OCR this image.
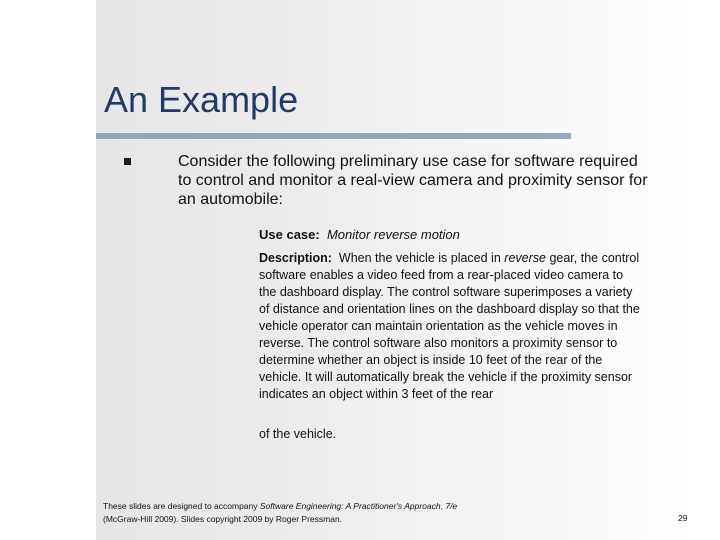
An Example
Consider the following preliminary use case for software required to control and monitor a real-view camera and proximity sensor for an automobile:
Use case: Monitor reverse motion
Description: When the vehicle is placed in reverse gear, the control software enables a video feed from a rear-placed video camera to the dashboard display. The control software superimposes a variety of distance and orientation lines on the dashboard display so that the vehicle operator can maintain orientation as the vehicle moves in reverse. The control software also monitors a proximity sensor to determine whether an object is inside 10 feet of the rear of the vehicle. It will automatically break the vehicle if the proximity sensor indicates an object within 3 feet of the rear
of the vehicle.
These slides are designed to accompany Software Engineering: A Practitioner's Approach, 7/e
(McGraw-Hill 2009). Slides copyright 2009 by Roger Pressman.	29
